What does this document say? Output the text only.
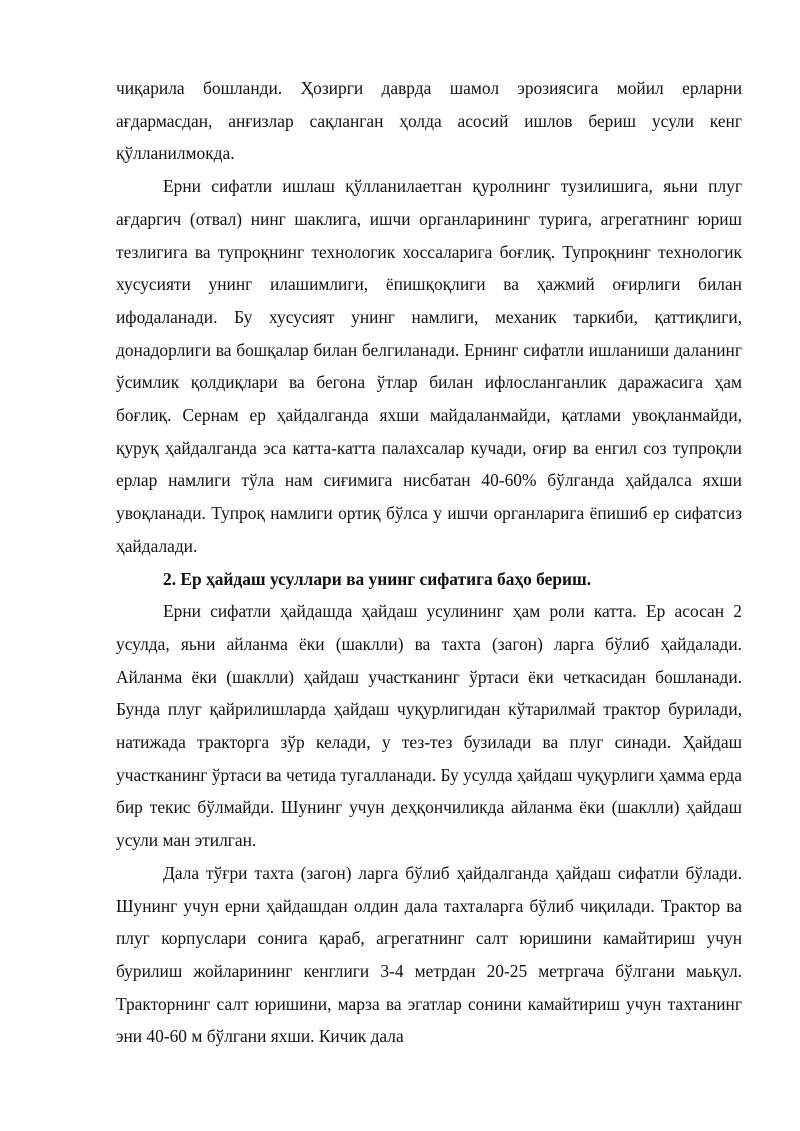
чиқарила бошланди. Ҳозирги даврда шамол эрозиясига мойил ерларни ағдармасдан, анғизлар сақланган ҳолда асосий ишлов бериш усули кенг қўлланилмокда.

Ерни сифатли ишлаш қўлланилаетган қуролнинг тузилишига, яьни плуг ағдаргич (отвал) нинг шаклига, ишчи органларининг турига, агрегатнинг юриш тезлигига ва тупроқнинг технологик хоссаларига боғлиқ. Тупроқнинг технологик хусусияти унинг илашимлиги, ёпишқоқлиги ва ҳажмий оғирлиги билан ифодаланади. Бу хусусият унинг намлиги, механик таркиби, қаттиқлиги, донадорлиги ва бошқалар билан белгиланади. Ернинг сифатли ишланиши даланинг ўсимлик қолдиқлари ва бегона ўтлар билан ифлосланганлик даражасига ҳам боғлиқ. Сернам ер ҳайдалганда яхши майдаланмайди, қатлами увоқланмайди, қуруқ ҳайдалганда эса катта-катта палахсалар кучади, оғир ва енгил соз тупроқли ерлар намлиги тўла нам сиғимига нисбатан 40-60% бўлганда ҳайдалса яхши увоқланади. Тупроқ намлиги ортиқ бўлса у ишчи органларига ёпишиб ер сифатсиз ҳайдалади.

2. Ер ҳайдаш усуллари ва унинг сифатига баҳо бериш.

Ерни сифатли ҳайдашда ҳайдаш усулининг ҳам роли катта. Ер асосан 2 усулда, яьни айланма ёки (шаклли) ва тахта (загон) ларга бўлиб ҳайдалади. Айланма ёки (шаклли) ҳайдаш участканинг ўртаси ёки четкасидан бошланади. Бунда плуг қайрилишларда ҳайдаш чуқурлигидан кўтарилмай трактор бурилади, натижада тракторга зўр келади, у тез-тез бузилади ва плуг синади. Ҳайдаш участканинг ўртаси ва четида тугалланади. Бу усулда ҳайдаш чуқурлиги ҳамма ерда бир текис бўлмайди. Шунинг учун деҳқончиликда айланма ёки (шаклли) ҳайдаш усули ман этилган.

Дала тўғри тахта (загон) ларга бўлиб ҳайдалганда ҳайдаш сифатли бўлади. Шунинг учун ерни ҳайдашдан олдин дала тахталарга бўлиб чиқилади. Трактор ва плуг корпуслари сонига қараб, агрегатнинг салт юришини камайтириш учун бурилиш жойларининг кенглиги 3-4 метрдан 20-25 метргача бўлгани маьқул. Тракторнинг салт юришини, марза ва эгатлар сонини камайтириш учун тахтанинг эни 40-60 м бўлгани яхши. Кичик дала
